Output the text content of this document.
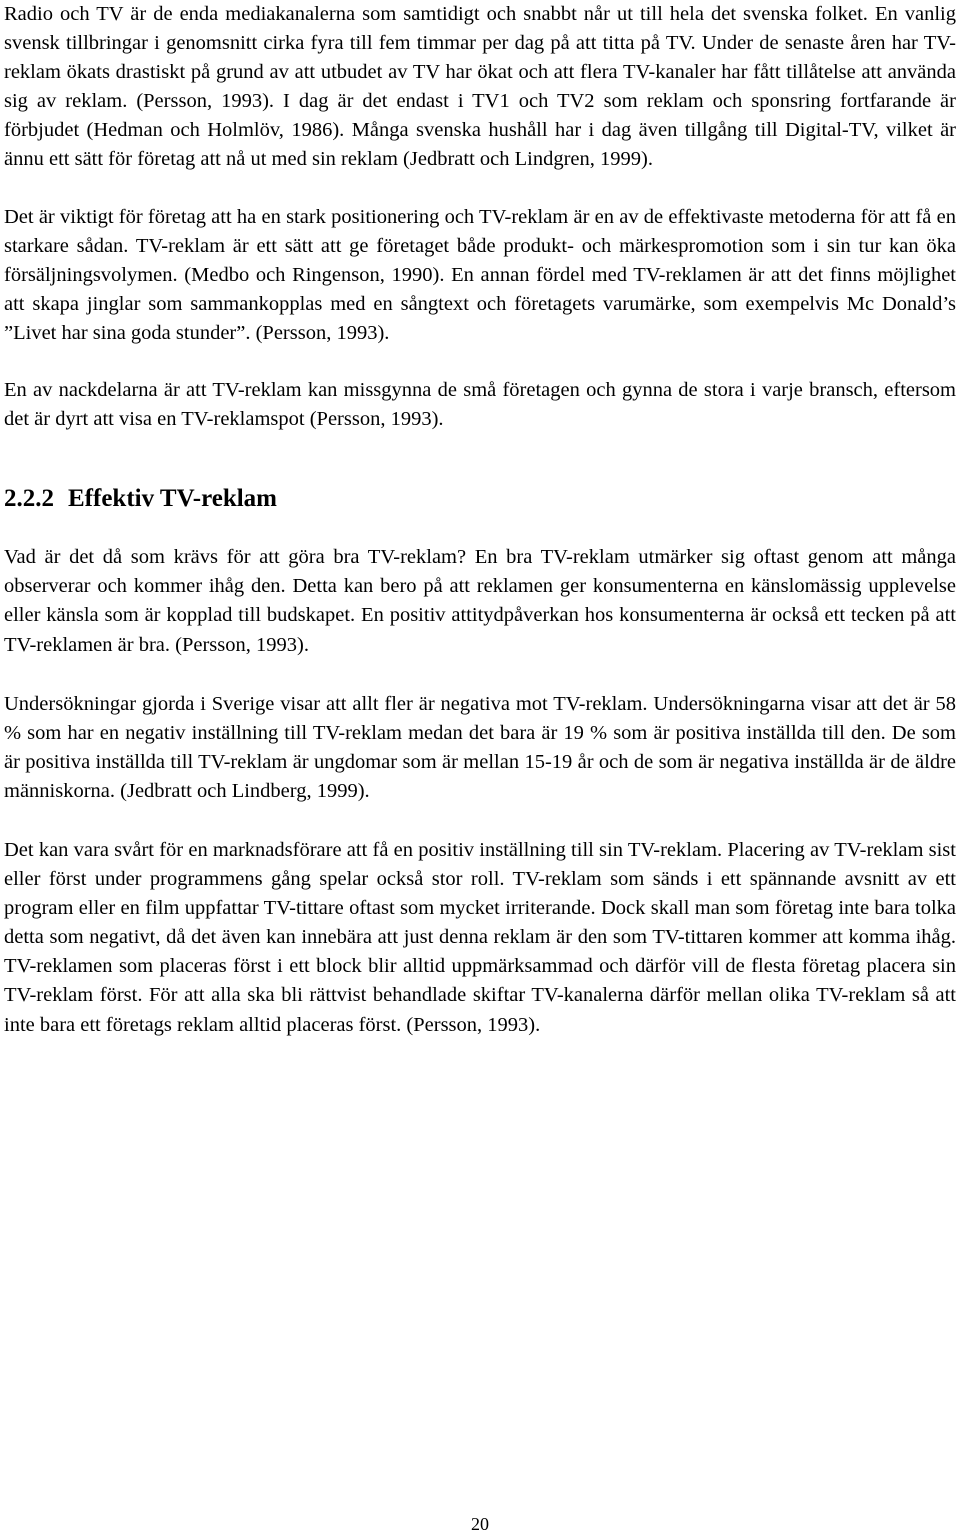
Radio och TV är de enda mediakanalerna som samtidigt och snabbt når ut till hela det svenska folket. En vanlig svensk tillbringar i genomsnitt cirka fyra till fem timmar per dag på att titta på TV. Under de senaste åren har TV-reklam ökats drastiskt på grund av att utbudet av TV har ökat och att flera TV-kanaler har fått tillåtelse att använda sig av reklam. (Persson, 1993). I dag är det endast i TV1 och TV2 som reklam och sponsring fortfarande är förbjudet (Hedman och Holmlöv, 1986). Många svenska hushåll har i dag även tillgång till Digital-TV, vilket är ännu ett sätt för företag att nå ut med sin reklam (Jedbratt och Lindgren, 1999).

Det är viktigt för företag att ha en stark positionering och TV-reklam är en av de effektivaste metoderna för att få en starkare sådan. TV-reklam är ett sätt att ge företaget både produkt- och märkespromotion som i sin tur kan öka försäljningsvolymen. (Medbo och Ringenson, 1990). En annan fördel med TV-reklamen är att det finns möjlighet att skapa jinglar som sammankopplas med en sångtext och företagets varumärke, som exempelvis Mc Donald’s ”Livet har sina goda stunder”. (Persson, 1993).

En av nackdelarna är att TV-reklam kan missgynna de små företagen och gynna de stora i varje bransch, eftersom det är dyrt att visa en TV-reklamspot (Persson, 1993).

2.2.2 Effektiv TV-reklam

Vad är det då som krävs för att göra bra TV-reklam? En bra TV-reklam utmärker sig oftast genom att många observerar och kommer ihåg den. Detta kan bero på att reklamen ger konsumenterna en känslomässig upplevelse eller känsla som är kopplad till budskapet. En positiv attitydpåverkan hos konsumenterna är också ett tecken på att TV-reklamen är bra. (Persson, 1993).

Undersökningar gjorda i Sverige visar att allt fler är negativa mot TV-reklam. Undersökningarna visar att det är 58 % som har en negativ inställning till TV-reklam medan det bara är 19 % som är positiva inställda till den. De som är positiva inställda till TV-reklam är ungdomar som är mellan 15-19 år och de som är negativa inställda är de äldre människorna. (Jedbratt och Lindberg, 1999).

Det kan vara svårt för en marknadsförare att få en positiv inställning till sin TV-reklam. Placering av TV-reklam sist eller först under programmens gång spelar också stor roll. TV-reklam som sänds i ett spännande avsnitt av ett program eller en film uppfattar TV-tittare oftast som mycket irriterande. Dock skall man som företag inte bara tolka detta som negativt, då det även kan innebära att just denna reklam är den som TV-tittaren kommer att komma ihåg. TV-reklamen som placeras först i ett block blir alltid uppmärksammad och därför vill de flesta företag placera sin TV-reklam först. För att alla ska bli rättvist behandlade skiftar TV-kanalerna därför mellan olika TV-reklam så att inte bara ett företags reklam alltid placeras först. (Persson, 1993).

20
